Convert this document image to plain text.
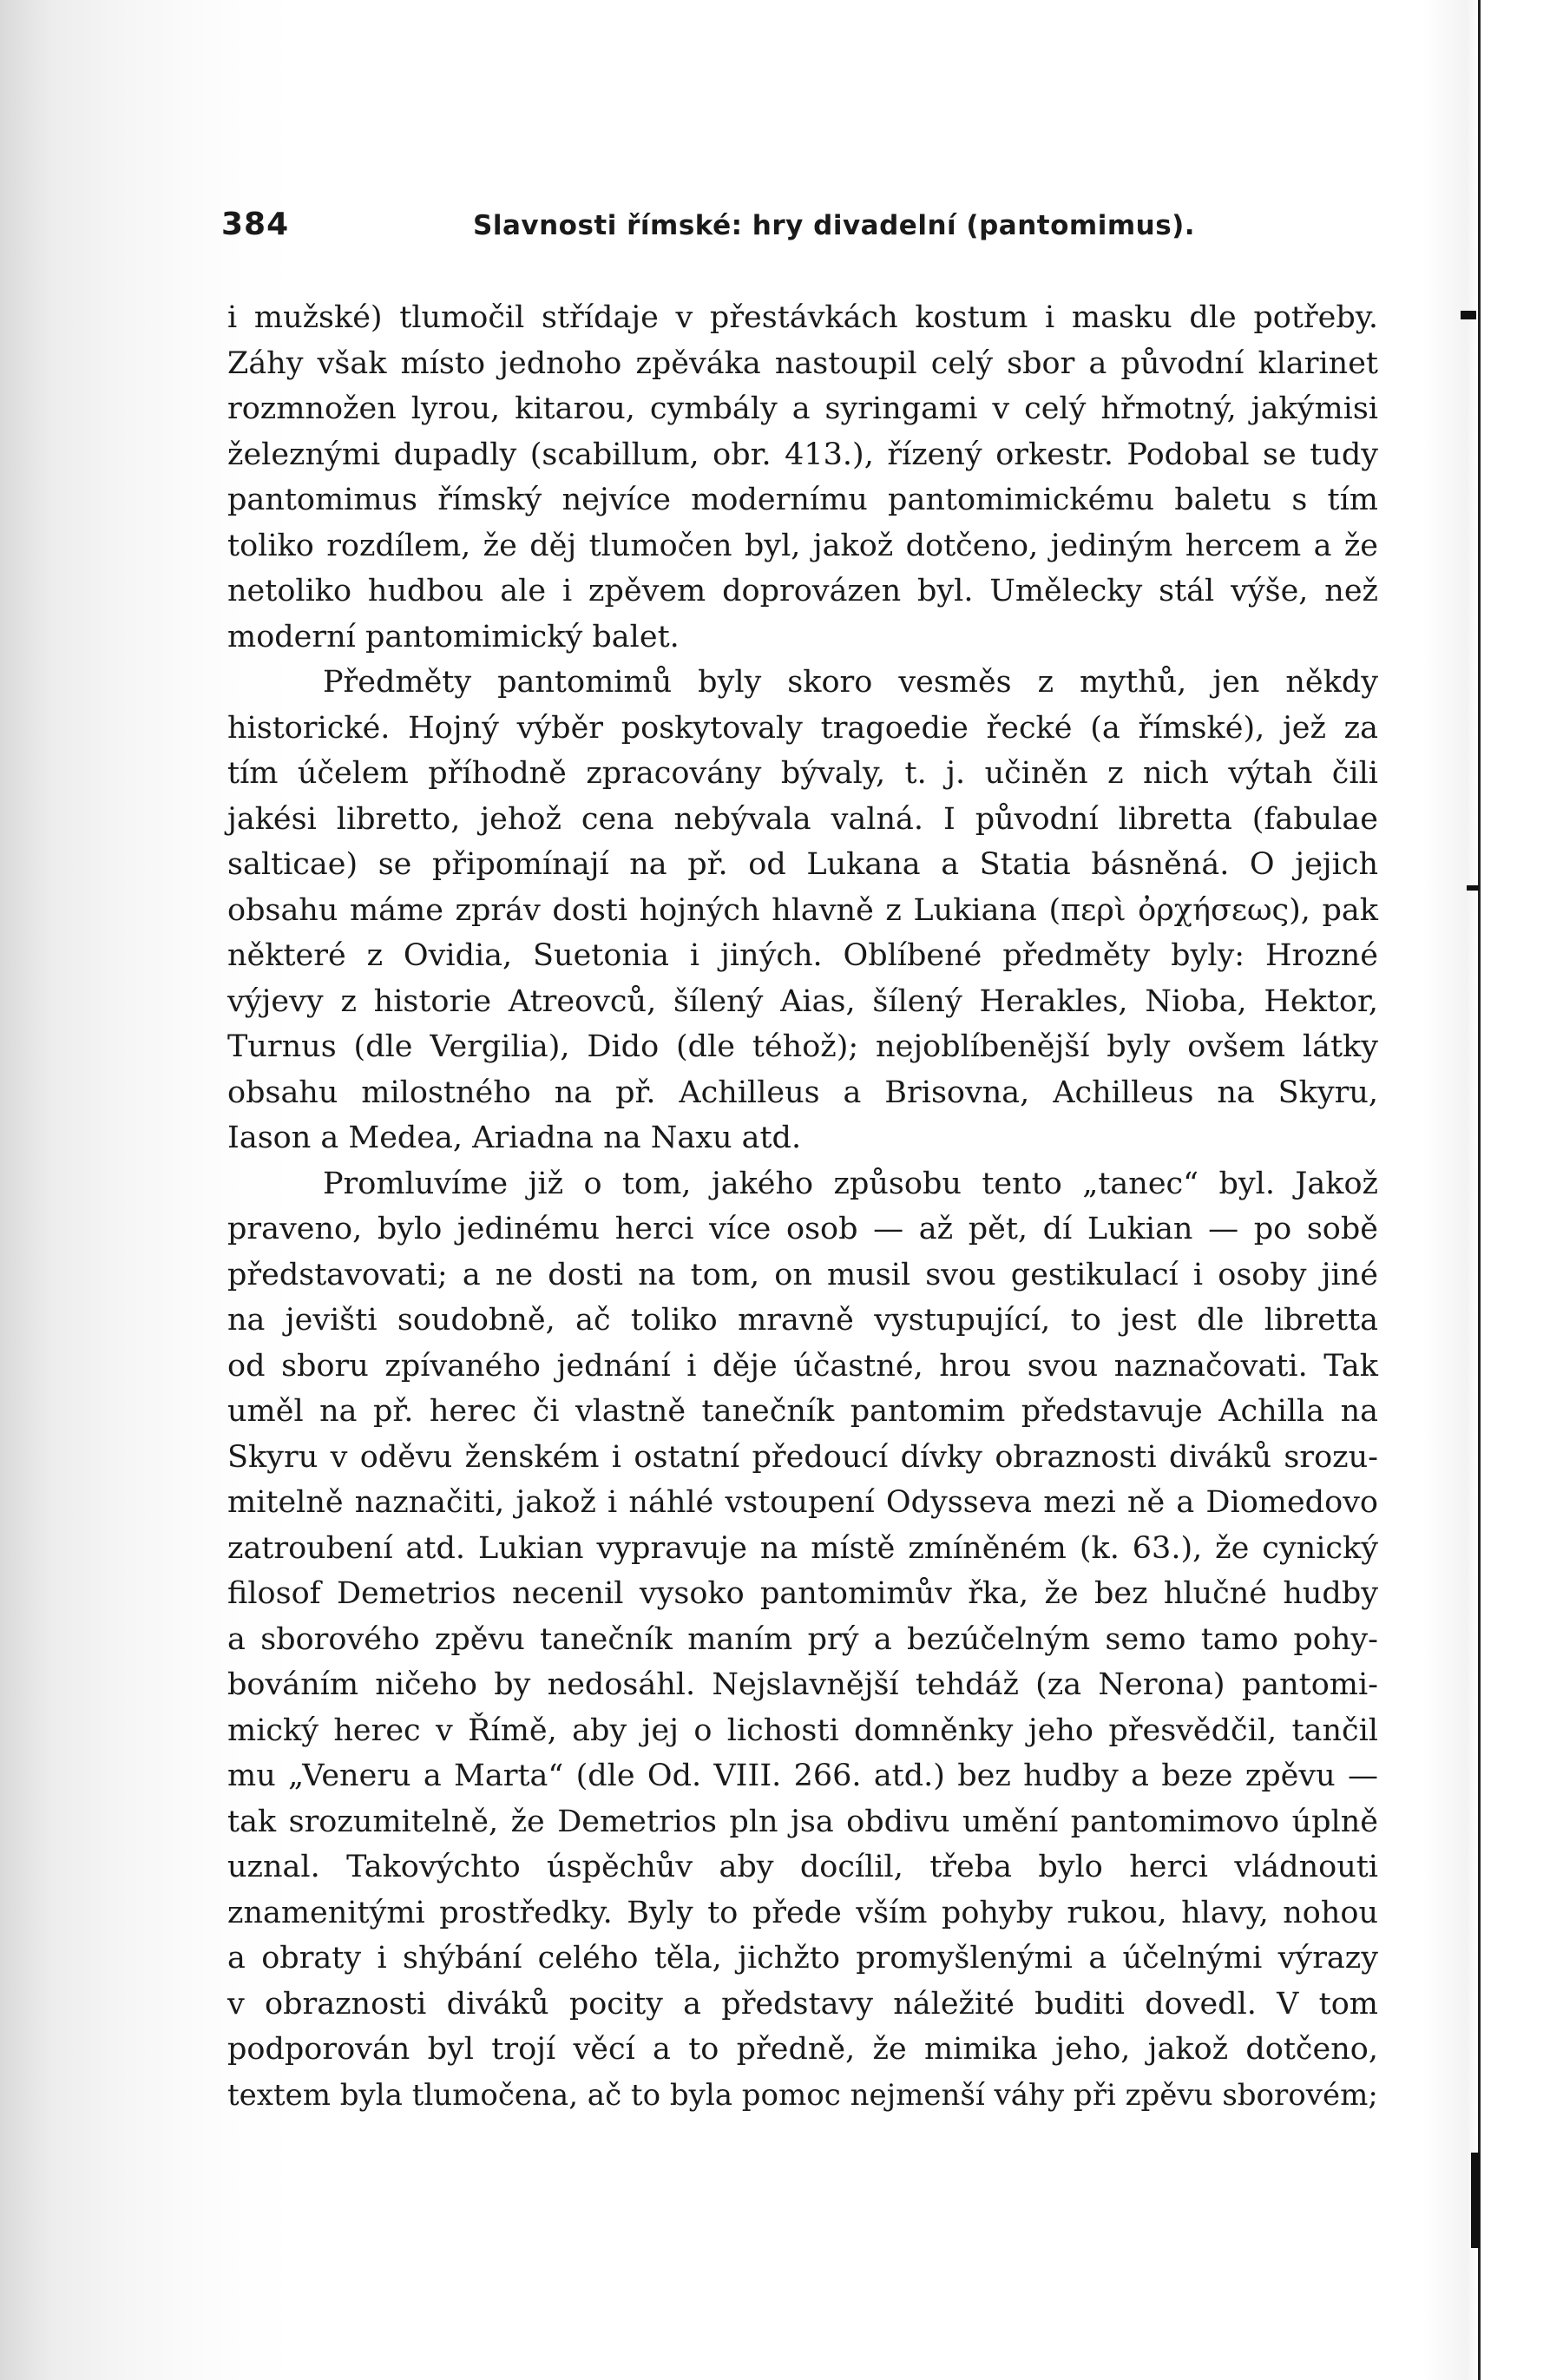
384	Slavnosti římské: hry divadelní (pantomimus).
i mužské) tlumočil střídaje v přestávkách kostum i masku dle potřeby.
Záhy však místo jednoho zpěváka nastoupil celý sbor a původní klarinet
rozmnožen lyrou, kitarou, cymbály a syringami v celý hřmotný, jakýmisi
železnými dupadly (scabillum, obr. 413.), řízený orkestr. Podobal se tudy
pantomimus římský nejvíce modernímu pantomimickému baletu s tím
toliko rozdílem, že děj tlumočen byl, jakož dotčeno, jediným hercem a že
netoliko hudbou ale i zpěvem doprovázen byl. Umělecky stál výše, než
moderní pantomimický balet.
Předměty pantomimů byly skoro vesměs z mythů, jen někdy
historické. Hojný výběr poskytovaly tragoedie řecké (a římské), jež za
tím účelem příhodně zpracovány bývaly, t. j. učiněn z nich výtah čili
jakési libretto, jehož cena nebývala valná. I původní libretta (fabulae
salticae) se připomínají na př. od Lukana a Statia básněná. O jejich
obsahu máme zpráv dosti hojných hlavně z Lukiana (περὶ ὀρχήσεως), pak
některé z Ovidia, Suetonia i jiných. Oblíbené předměty byly: Hrozné
výjevy z historie Atreovců, šílený Aias, šílený Herakles, Nioba, Hektor,
Turnus (dle Vergilia), Dido (dle téhož); nejoblíbenější byly ovšem látky
obsahu milostného na př. Achilleus a Brisovna, Achilleus na Skyru,
Iason a Medea, Ariadna na Naxu atd.
Promluvíme již o tom, jakého způsobu tento „tanec“ byl. Jakož
praveno, bylo jedinému herci více osob — až pět, dí Lukian — po sobě
představovati; a ne dosti na tom, on musil svou gestikulací i osoby jiné
na jevišti soudobně, ač toliko mravně vystupující, to jest dle libretta
od sboru zpívaného jednání i děje účastné, hrou svou naznačovati. Tak
uměl na př. herec či vlastně tanečník pantomim představuje Achilla na
Skyru v oděvu ženském i ostatní předoucí dívky obraznosti diváků srozu-
mitelně naznačiti, jakož i náhlé vstoupení Odysseva mezi ně a Diomedovo
zatroubení atd. Lukian vypravuje na místě zmíněném (k. 63.), že cynický
filosof Demetrios necenil vysoko pantomimův řka, že bez hlučné hudby
a sborového zpěvu tanečník maním prý a bezúčelným semo tamo pohy-
bováním ničeho by nedosáhl. Nejslavnější tehdáž (za Nerona) pantomi-
mický herec v Římě, aby jej o lichosti domněnky jeho přesvědčil, tančil
mu „Veneru a Marta“ (dle Od. VIII. 266. atd.) bez hudby a beze zpěvu —
tak srozumitelně, že Demetrios pln jsa obdivu umění pantomimovo úplně
uznal. Takovýchto úspěchův aby docílil, třeba bylo herci vládnouti
znamenitými prostředky. Byly to přede vším pohyby rukou, hlavy, nohou
a obraty i shýbání celého těla, jichžto promyšlenými a účelnými výrazy
v obraznosti diváků pocity a představy náležité buditi dovedl. V tom
podporován byl trojí věcí a to předně, že mimika jeho, jakož dotčeno,
textem byla tlumočena, ač to byla pomoc nejmenší váhy při zpěvu sborovém;
